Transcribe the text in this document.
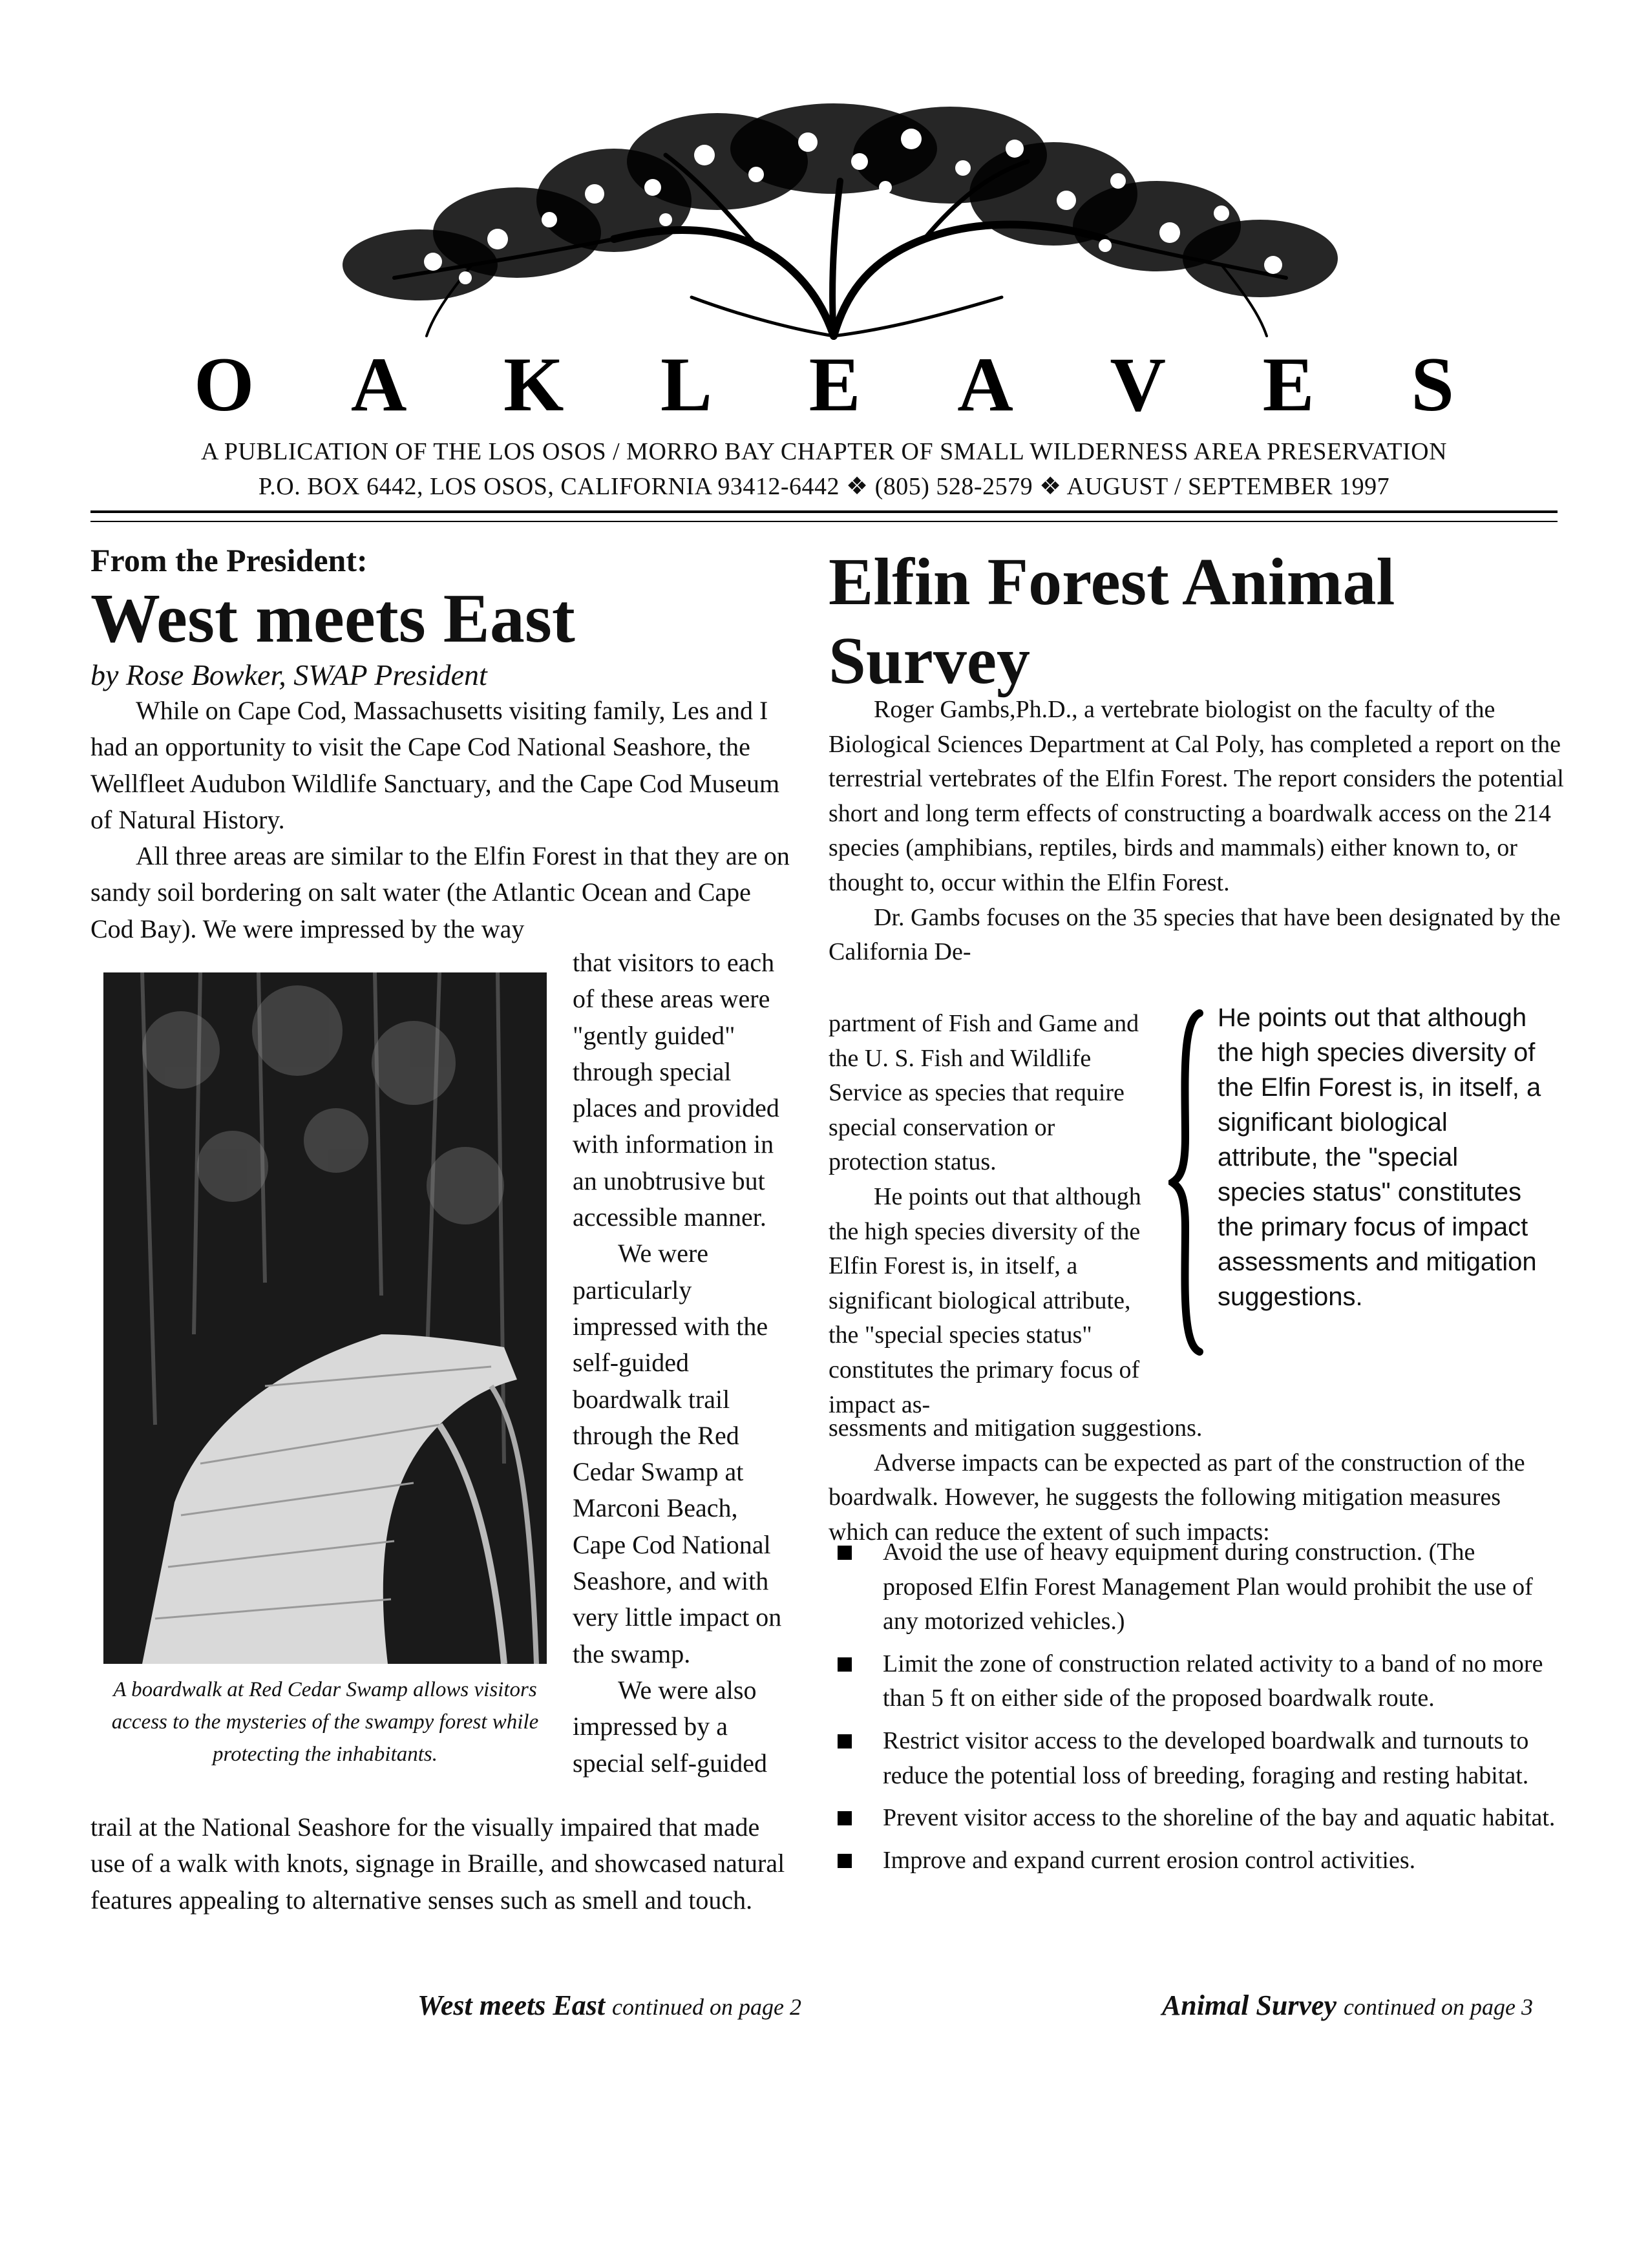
O A K L E A V E S
A PUBLICATION OF THE LOS OSOS / MORRO BAY CHAPTER OF SMALL WILDERNESS AREA PRESERVATION
P.O. BOX 6442, LOS OSOS, CALIFORNIA 93412-6442 ❖ (805) 528-2579 ❖ AUGUST / SEPTEMBER 1997
From the President:
West meets East
by Rose Bowker, SWAP President

While on Cape Cod, Massachusetts visiting family, Les and I had an opportunity to visit the Cape Cod National Seashore, the Wellfleet Audubon Wildlife Sanctuary, and the Cape Cod Museum of Natural History.

All three areas are similar to the Elfin Forest in that they are on sandy soil bordering on salt water (the Atlantic Ocean and Cape Cod Bay). We were impressed by the way

A boardwalk at Red Cedar Swamp allows visitors access to the mysteries of the swampy forest while protecting the inhabitants.

that visitors to each of these areas were "gently guided" through special places and provided with information in an unobtrusive but accessible manner.

We were particularly impressed with the self-guided boardwalk trail through the Red Cedar Swamp at Marconi Beach, Cape Cod National Seashore, and with very little impact on the swamp.

We were also impressed by a special self-guided

trail at the National Seashore for the visually impaired that made use of a walk with knots, signage in Braille, and showcased natural features appealing to alternative senses such as smell and touch.

West meets East continued on page 2
Elfin Forest Animal Survey

Roger Gambs,Ph.D., a vertebrate biologist on the faculty of the Biological Sciences Department at Cal Poly, has completed a report on the terrestrial vertebrates of the Elfin Forest. The report considers the potential short and long term effects of constructing a boardwalk access on the 214 species (amphibians, reptiles, birds and mammals) either known to, or thought to, occur within the Elfin Forest.

Dr. Gambs focuses on the 35 species that have been designated by the California De-

partment of Fish and Game and the U. S. Fish and Wildlife Service as species that require special conservation or protection status.

He points out that although the high species diversity of the Elfin Forest is, in itself, a significant biological attribute, the "special species status" constitutes the primary focus of impact as-

He points out that although the high species diversity of the Elfin Forest is, in itself, a significant biological attribute, the "special species status" constitutes the primary focus of impact assessments and mitigation suggestions.

sessments and mitigation suggestions.

Adverse impacts can be expected as part of the construction of the boardwalk. However, he suggests the following mitigation measures which can reduce the extent of such impacts:

Avoid the use of heavy equipment during construction. (The proposed Elfin Forest Management Plan would prohibit the use of any motorized vehicles.)
Limit the zone of construction related activity to a band of no more than 5 ft on either side of the proposed boardwalk route.
Restrict visitor access to the developed boardwalk and turnouts to reduce the potential loss of breeding, foraging and resting habitat.
Prevent visitor access to the shoreline of the bay and aquatic habitat.
Improve and expand current erosion control activities.
Animal Survey continued on page 3
